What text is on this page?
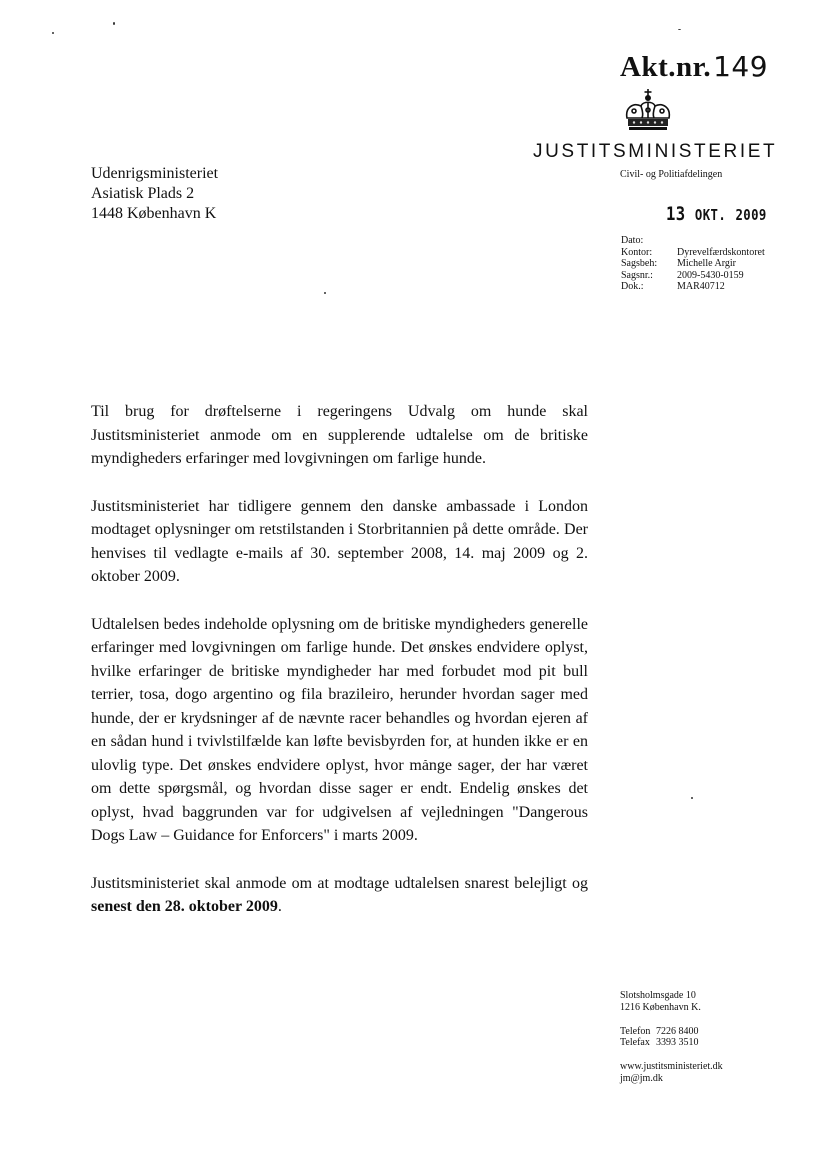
Akt.nr.149
JUSTITSMINISTERIET
Civil- og Politiafdelingen
Udenrigsministeriet
Asiatisk Plads 2
1448 København K	13 OKT. 2009
Dato:
Kontor:	Dyrevelfærdskontoret
Sagsbeh:	Michelle Argir
Sagsnr.:	2009-5430-0159
Dok.:	MAR40712

Til brug for drøftelserne i regeringens Udvalg om hunde skal Justitsministeriet anmode om en supplerende udtalelse om de britiske myndigheders erfaringer med lovgivningen om farlige hunde.

Justitsministeriet har tidligere gennem den danske ambassade i London modtaget oplysninger om retstilstanden i Storbritannien på dette område. Der henvises til vedlagte e-mails af 30. september 2008, 14. maj 2009 og 2. oktober 2009.

Udtalelsen bedes indeholde oplysning om de britiske myndigheders generelle erfaringer med lovgivningen om farlige hunde. Det ønskes endvidere oplyst, hvilke erfaringer de britiske myndigheder har med forbudet mod pit bull terrier, tosa, dogo argentino og fila brazileiro, herunder hvordan sager med hunde, der er krydsninger af de nævnte racer behandles og hvordan ejeren af en sådan hund i tvivlstilfælde kan løfte bevisbyrden for, at hunden ikke er en ulovlig type. Det ønskes endvidere oplyst, hvor mange sager, der har været om dette spørgsmål, og hvordan disse sager er endt. Endelig ønskes det oplyst, hvad baggrunden var for udgivelsen af vejledningen "Dangerous Dogs Law – Guidance for Enforcers" i marts 2009.

Justitsministeriet skal anmode om at modtage udtalelsen snarest belejligt og senest den 28. oktober 2009.

Slotsholmsgade 10
1216 København K.
Telefon 7226 8400
Telefax 3393 3510
www.justitsministeriet.dk
jm@jm.dk
